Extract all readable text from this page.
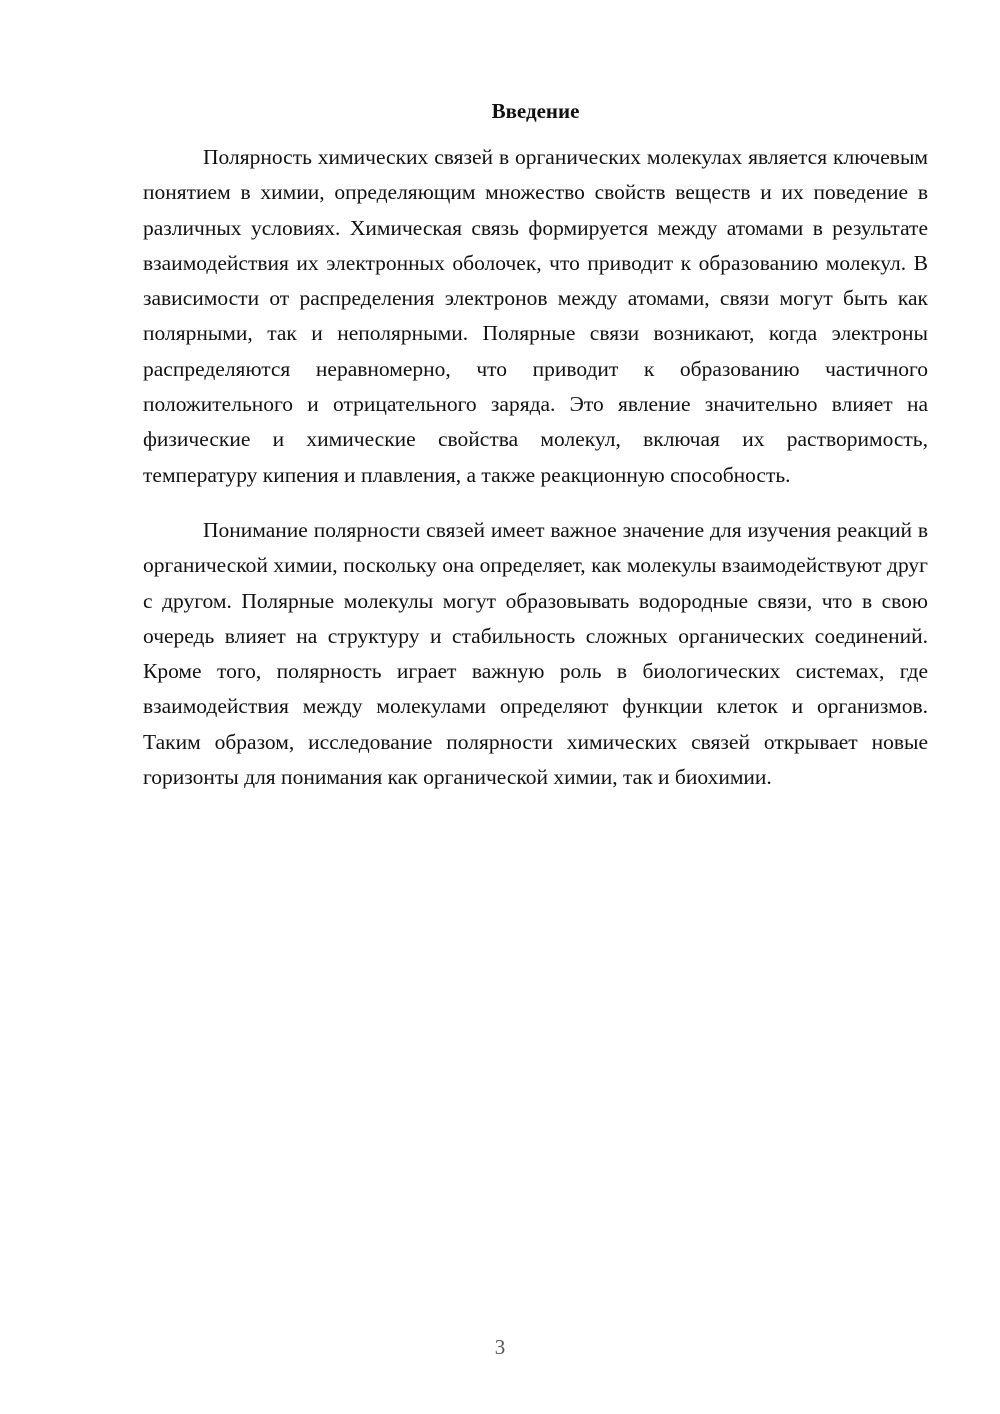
Введение

Полярность химических связей в органических молекулах является ключевым понятием в химии, определяющим множество свойств веществ и их поведение в различных условиях. Химическая связь формируется между атомами в результате взаимодействия их электронных оболочек, что приводит к образованию молекул. В зависимости от распределения электронов между атомами, связи могут быть как полярными, так и неполярными. Полярные связи возникают, когда электроны распределяются неравномерно, что приводит к образованию частичного положительного и отрицательного заряда. Это явление значительно влияет на физические и химические свойства молекул, включая их растворимость, температуру кипения и плавления, а также реакционную способность.

Понимание полярности связей имеет важное значение для изучения реакций в органической химии, поскольку она определяет, как молекулы взаимодействуют друг с другом. Полярные молекулы могут образовывать водородные связи, что в свою очередь влияет на структуру и стабильность сложных органических соединений. Кроме того, полярность играет важную роль в биологических системах, где взаимодействия между молекулами определяют функции клеток и организмов. Таким образом, исследование полярности химических связей открывает новые горизонты для понимания как органической химии, так и биохимии.

3
